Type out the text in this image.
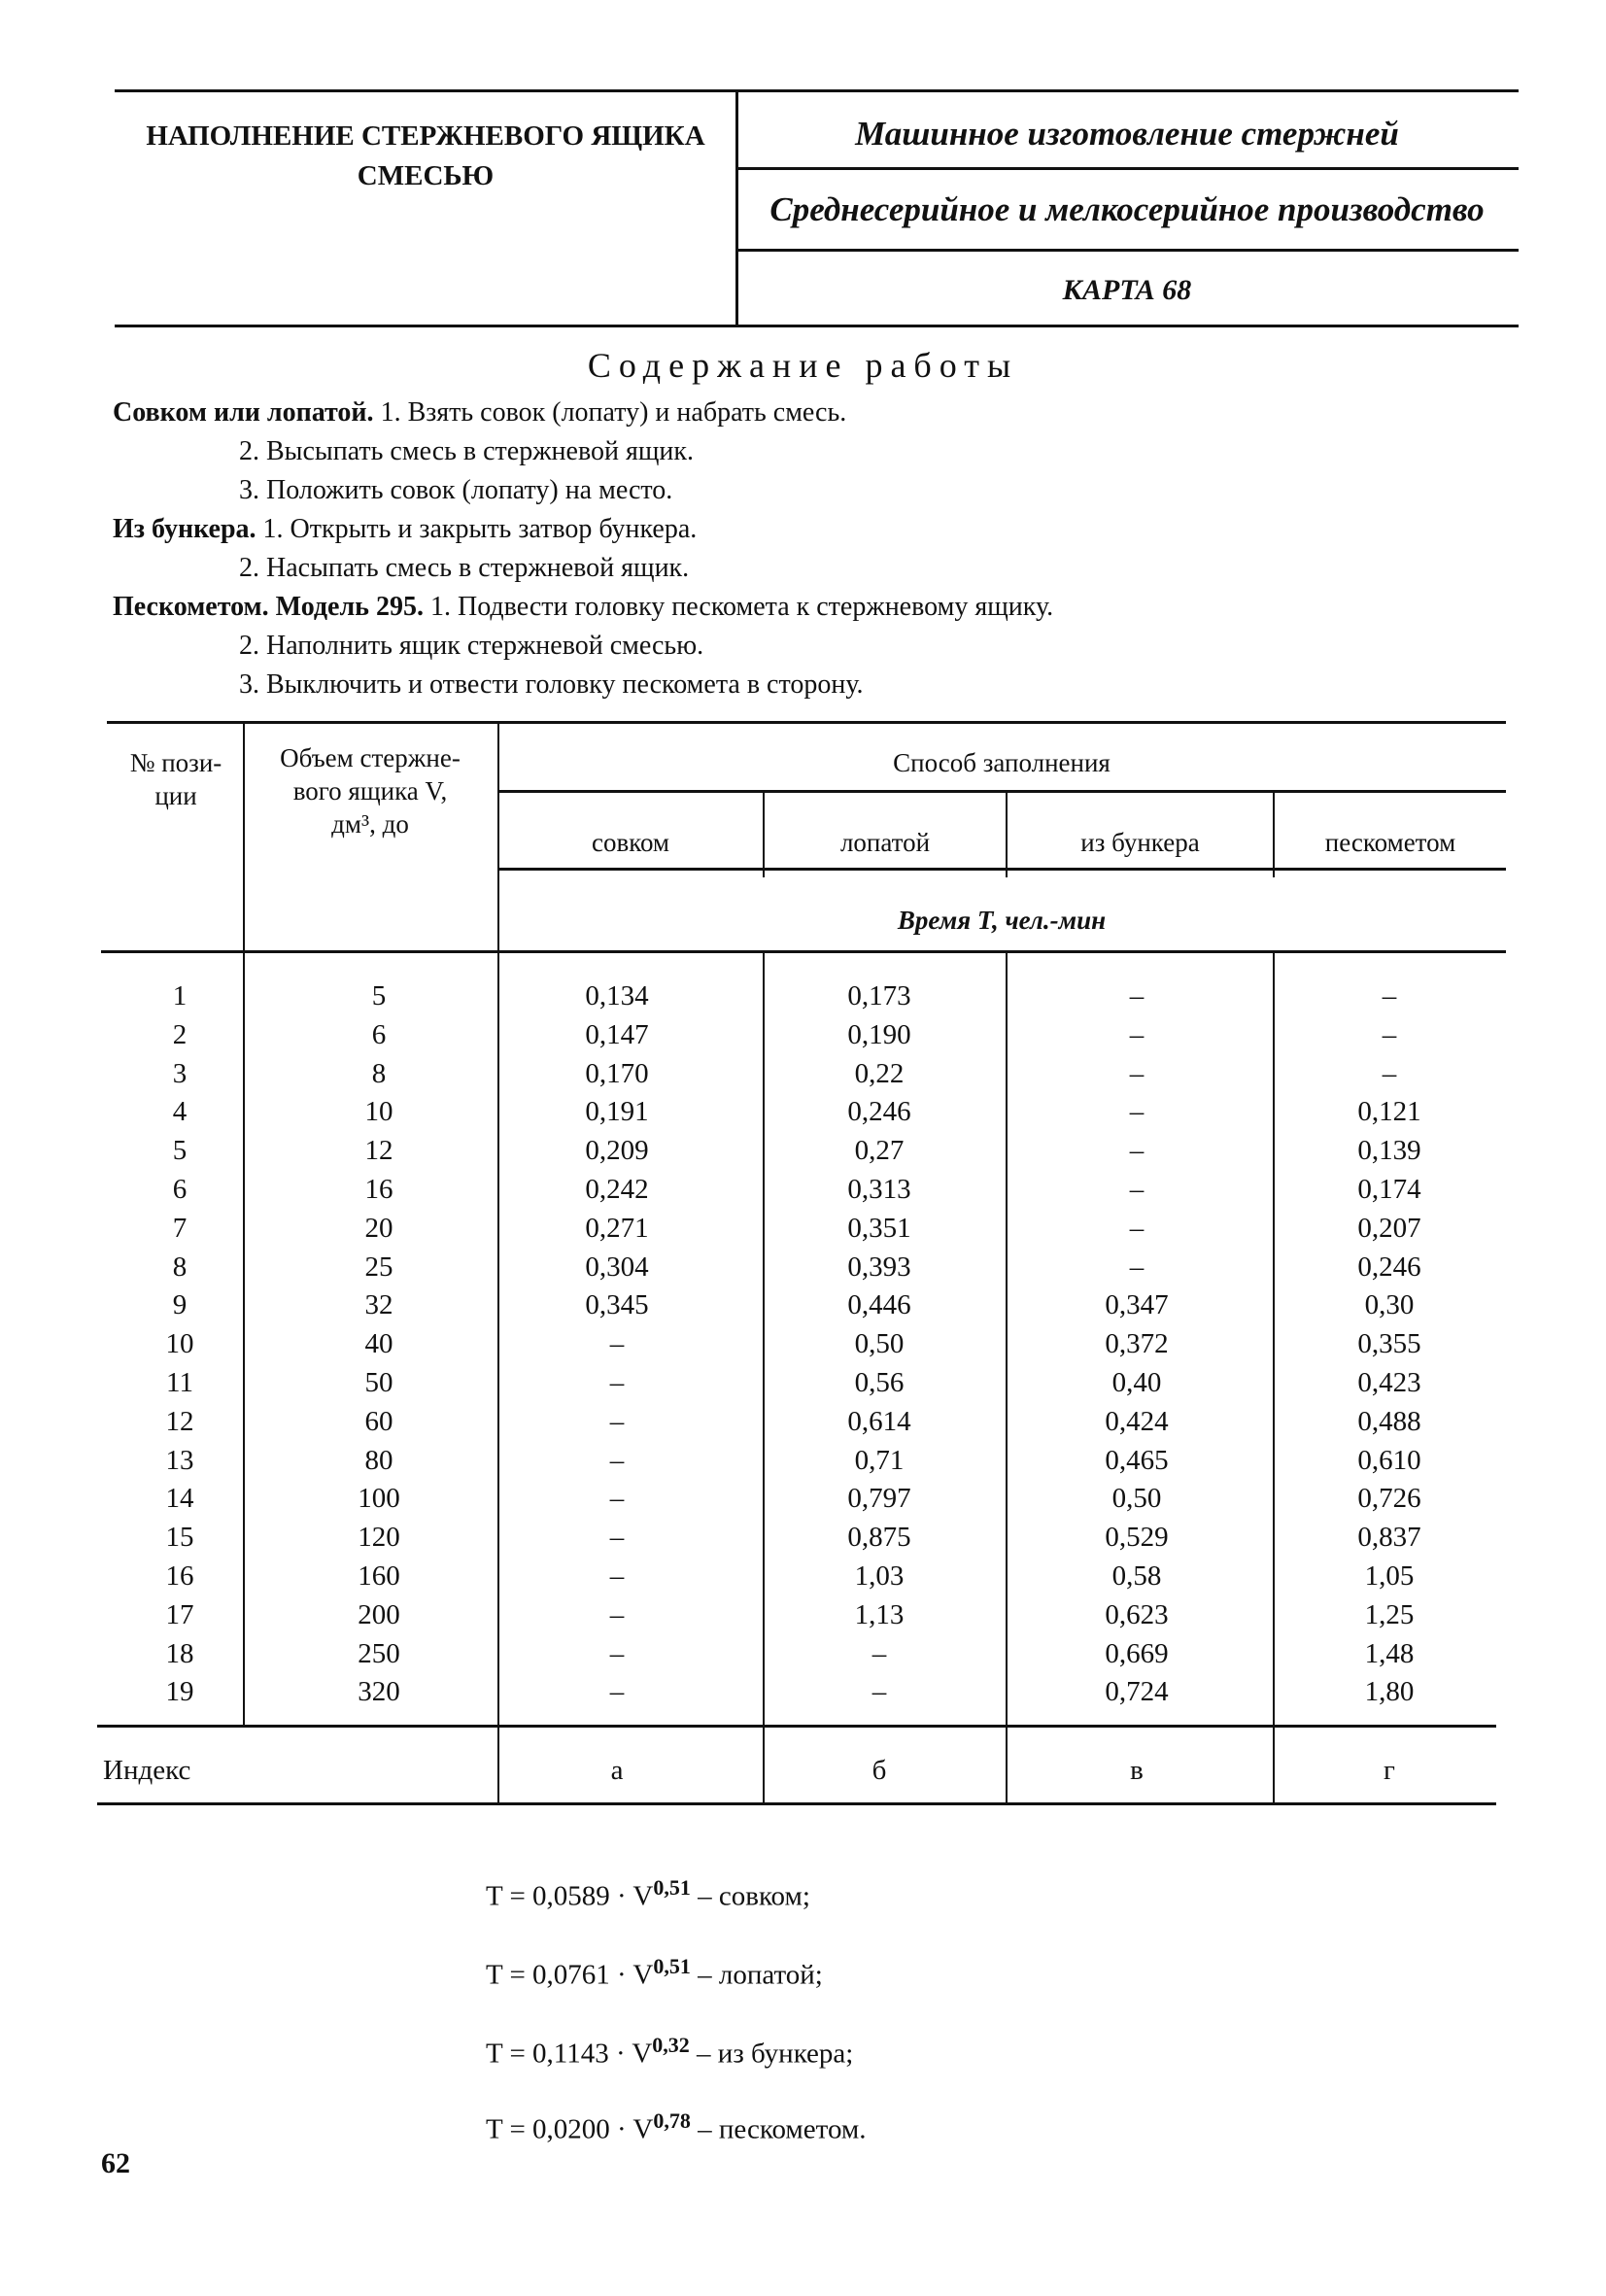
НАПОЛНЕНИЕ СТЕРЖНЕВОГО ЯЩИКА СМЕСЬЮ
Машинное изготовление стержней
Среднесерийное и мелкосерийное производство
КАРТА 68
Содержание работы
Совком или лопатой. 1. Взять совок (лопату) и набрать смесь.
2. Высыпать смесь в стержневой ящик.
3. Положить совок (лопату) на место.
Из бункера. 1. Открыть и закрыть затвор бункера.
2. Насыпать смесь в стержневой ящик.
Пескометом. Модель 295. 1. Подвести головку пескомета к стержневому ящику.
2. Наполнить ящик стержневой смесью.
3. Выключить и отвести головку пескомета в сторону.
№ пози-
ции
Объем стержне-
вого ящика V,
дм³, до
Способ заполнения
совком	лопатой	из бункера	пескометом
Время Т, чел.-мин
1	5	0,134	0,173	–	–
2	6	0,147	0,190	–	–
3	8	0,170	0,22	–	–
4	10	0,191	0,246	–	0,121
5	12	0,209	0,27	–	0,139
6	16	0,242	0,313	–	0,174
7	20	0,271	0,351	–	0,207
8	25	0,304	0,393	–	0,246
9	32	0,345	0,446	0,347	0,30
10	40	–	0,50	0,372	0,355
11	50	–	0,56	0,40	0,423
12	60	–	0,614	0,424	0,488
13	80	–	0,71	0,465	0,610
14	100	–	0,797	0,50	0,726
15	120	–	0,875	0,529	0,837
16	160	–	1,03	0,58	1,05
17	200	–	1,13	0,623	1,25
18	250	–	–	0,669	1,48
19	320	–	–	0,724	1,80
Индекс	а	б	в	г
T = 0,0589 · V$^{0,51}$ – совком;
T = 0,0761 · V$^{0,51}$ – лопатой;
T = 0,1143 · V$^{0,32}$ – из бункера;
T = 0,0200 · V$^{0,78}$ – пескометом.
62
